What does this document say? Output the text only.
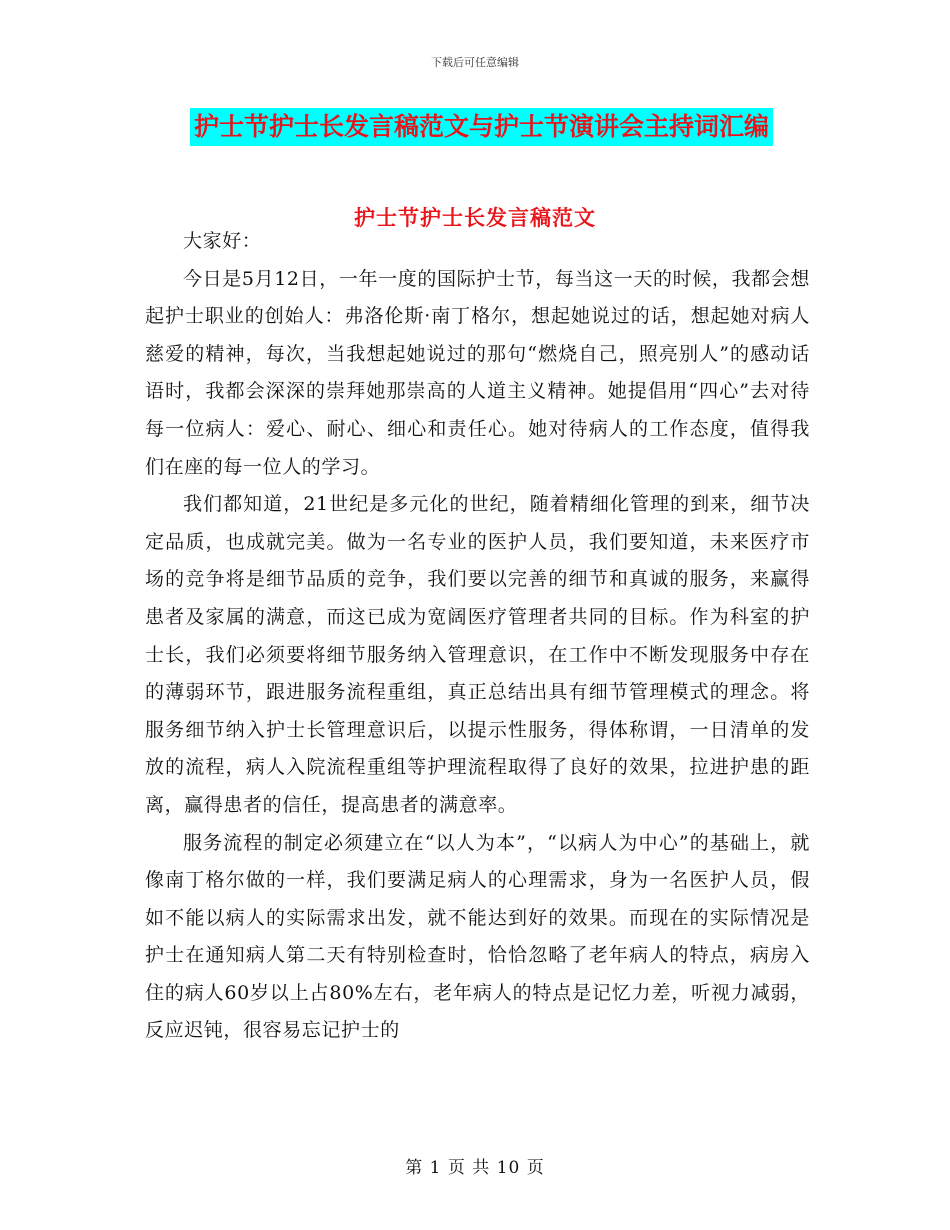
下载后可任意编辑
护士节护士长发言稿范文与护士节演讲会主持词汇编
护士节护士长发言稿范文

大家好：

今日是5月12日，一年一度的国际护士节，每当这一天的时候，我都会想起护士职业的创始人：弗洛伦斯·南丁格尔，想起她说过的话，想起她对病人慈爱的精神，每次，当我想起她说过的那句“燃烧自己，照亮别人”的感动话语时，我都会深深的崇拜她那崇高的人道主义精神。她提倡用“四心”去对待每一位病人：爱心、耐心、细心和责任心。她对待病人的工作态度，值得我们在座的每一位人的学习。

我们都知道，21世纪是多元化的世纪，随着精细化管理的到来，细节决定品质，也成就完美。做为一名专业的医护人员，我们要知道，未来医疗市场的竞争将是细节品质的竞争，我们要以完善的细节和真诚的服务，来赢得患者及家属的满意，而这已成为宽阔医疗管理者共同的目标。作为科室的护士长，我们必须要将细节服务纳入管理意识，在工作中不断发现服务中存在的薄弱环节，跟进服务流程重组，真正总结出具有细节管理模式的理念。将服务细节纳入护士长管理意识后，以提示性服务，得体称谓，一日清单的发放的流程，病人入院流程重组等护理流程取得了良好的效果，拉进护患的距离，赢得患者的信任，提高患者的满意率。

服务流程的制定必须建立在“以人为本”，“以病人为中心”的基础上，就像南丁格尔做的一样，我们要满足病人的心理需求，身为一名医护人员，假如不能以病人的实际需求出发，就不能达到好的效果。而现在的实际情况是护士在通知病人第二天有特别检查时，恰恰忽略了老年病人的特点，病房入住的病人60岁以上占80%左右，老年病人的特点是记忆力差，听视力减弱，反应迟钝，很容易忘记护士的

第 1 页 共 10 页
